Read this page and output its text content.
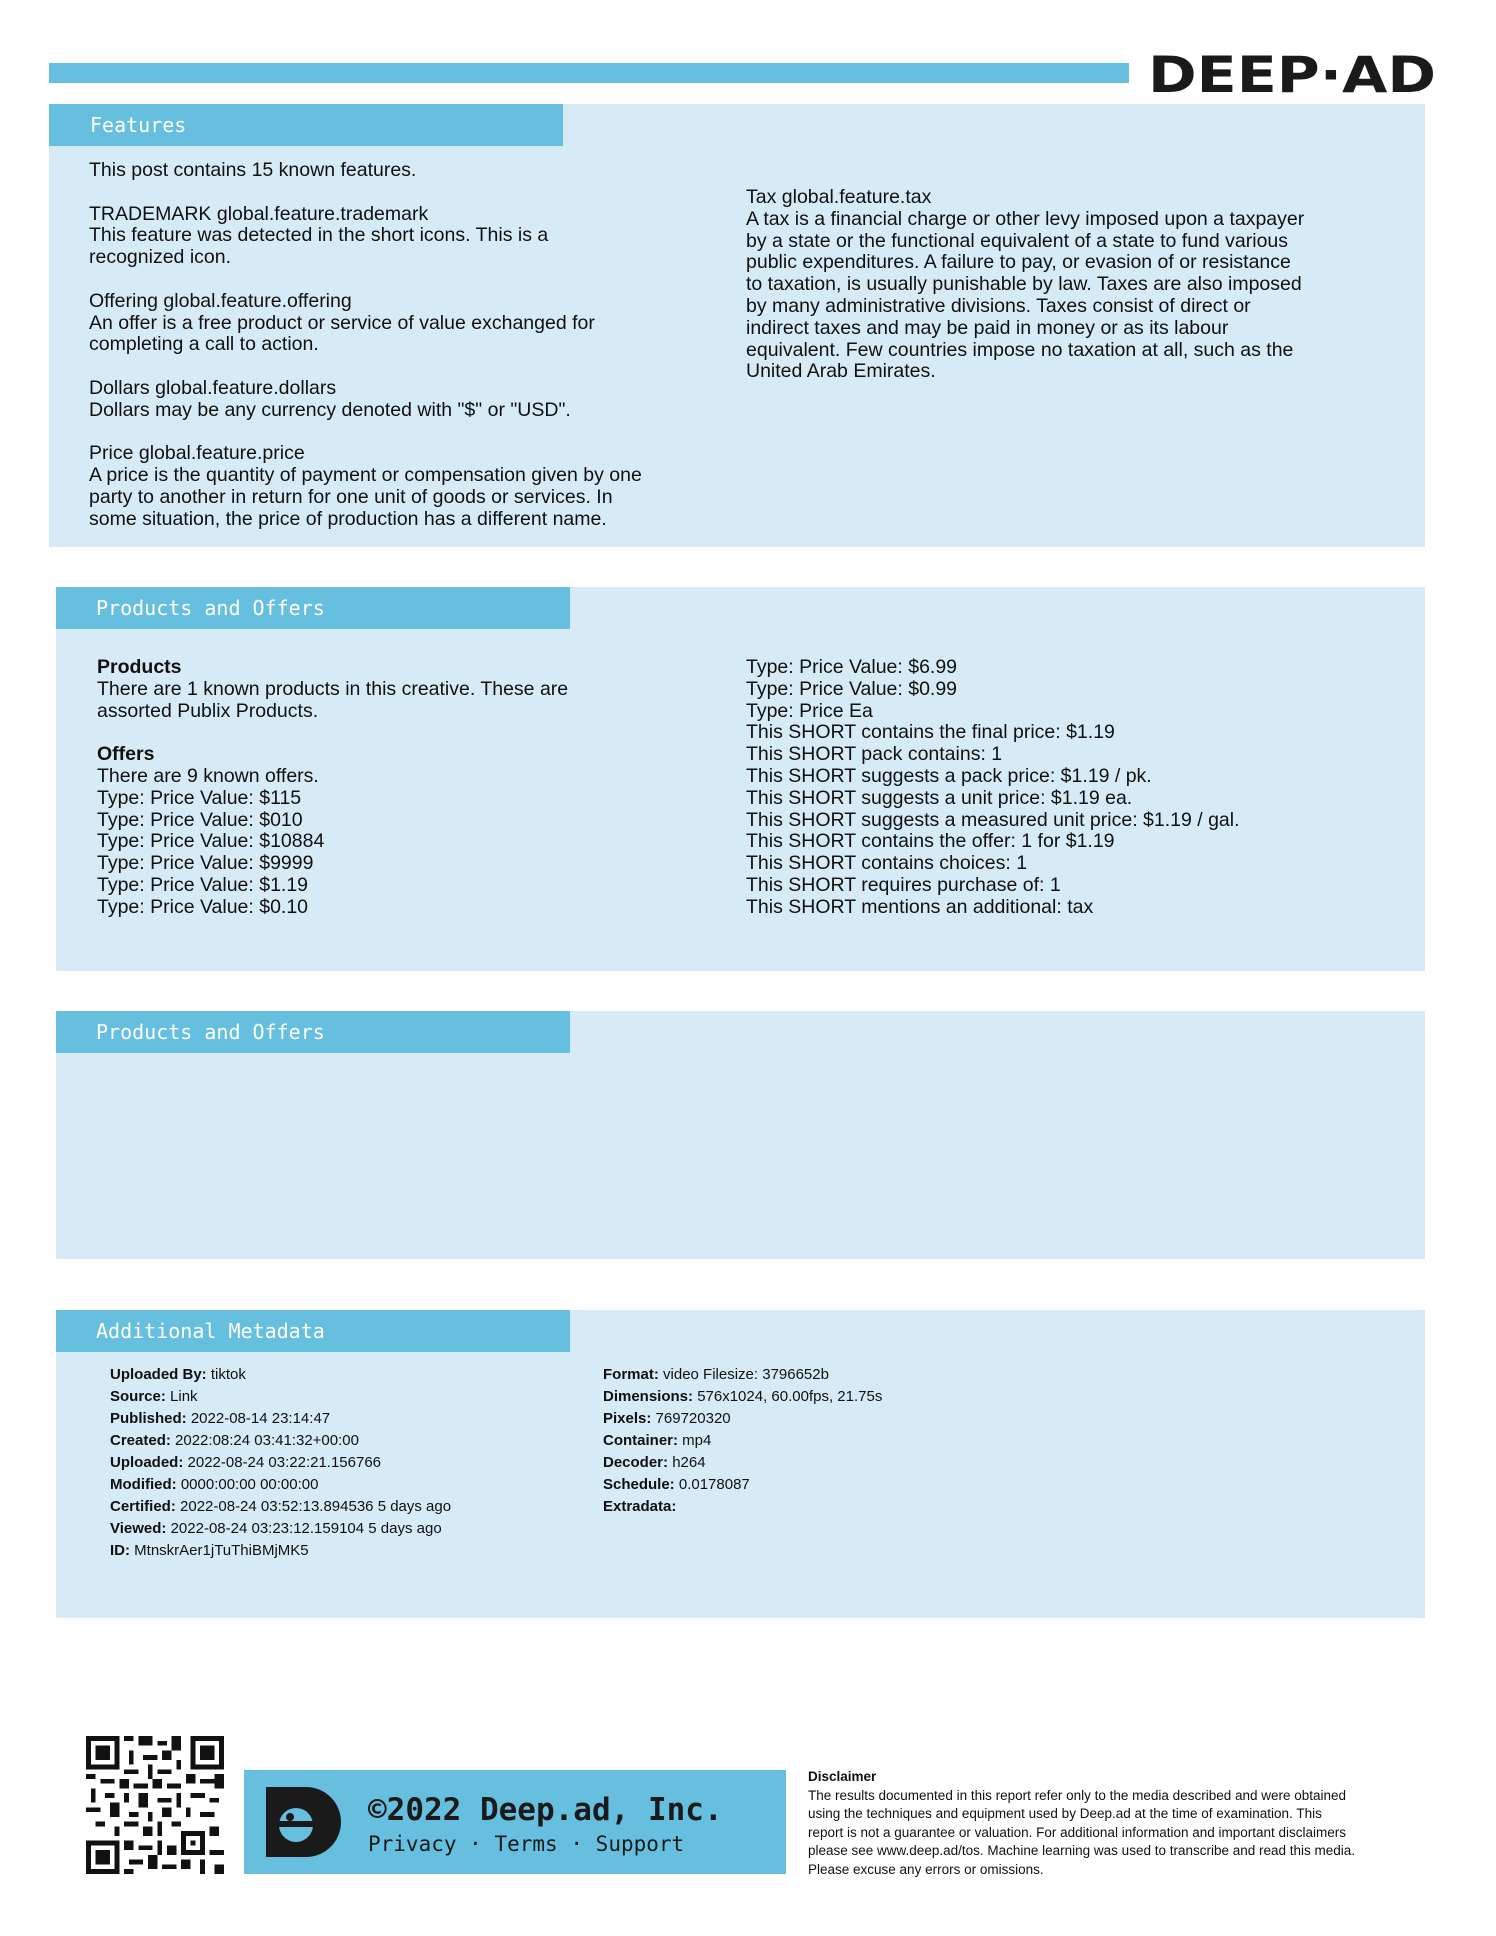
DEEP·AD
Features

This post contains 15 known features.

TRADEMARK global.feature.trademark
This feature was detected in the short icons. This is a
recognized icon.

Offering global.feature.offering
An offer is a free product or service of value exchanged for
completing a call to action.

Dollars global.feature.dollars
Dollars may be any currency denoted with "$" or "USD".

Price global.feature.price
A price is the quantity of payment or compensation given by one
party to another in return for one unit of goods or services. In
some situation, the price of production has a different name.

Tax global.feature.tax
A tax is a financial charge or other levy imposed upon a taxpayer
by a state or the functional equivalent of a state to fund various
public expenditures. A failure to pay, or evasion of or resistance
to taxation, is usually punishable by law. Taxes are also imposed
by many administrative divisions. Taxes consist of direct or
indirect taxes and may be paid in money or as its labour
equivalent. Few countries impose no taxation at all, such as the
United Arab Emirates.

Products and Offers
Products
There are 1 known products in this creative. These are
assorted Publix Products.
Offers
There are 9 known offers.
Type: Price Value: $115
Type: Price Value: $010
Type: Price Value: $10884
Type: Price Value: $9999
Type: Price Value: $1.19
Type: Price Value: $0.10
Type: Price Value: $6.99
Type: Price Value: $0.99
Type: Price Ea
This SHORT contains the final price: $1.19
This SHORT pack contains: 1
This SHORT suggests a pack price: $1.19 / pk.
This SHORT suggests a unit price: $1.19 ea.
This SHORT suggests a measured unit price: $1.19 / gal.
This SHORT contains the offer: 1 for $1.19
This SHORT contains choices: 1
This SHORT requires purchase of: 1
This SHORT mentions an additional: tax
Products and Offers
Additional Metadata
Uploaded By: tiktok
Source: Link
Published: 2022-08-14 23:14:47
Created: 2022:08:24 03:41:32+00:00
Uploaded: 2022-08-24 03:22:21.156766
Modified: 0000:00:00 00:00:00
Certified: 2022-08-24 03:52:13.894536 5 days ago
Viewed: 2022-08-24 03:23:12.159104 5 days ago
ID: MtnskrAer1jTuThiBMjMK5
Format: video Filesize: 3796652b
Dimensions: 576x1024, 60.00fps, 21.75s
Pixels: 769720320
Container: mp4
Decoder: h264
Schedule: 0.0178087
Extradata:
©2022 Deep.ad, Inc.
Privacy · Terms · Support
Disclaimer
The results documented in this report refer only to the media described and were obtained
using the techniques and equipment used by Deep.ad at the time of examination. This
report is not a guarantee or valuation. For additional information and important disclaimers
please see www.deep.ad/tos. Machine learning was used to transcribe and read this media.
Please excuse any errors or omissions.
